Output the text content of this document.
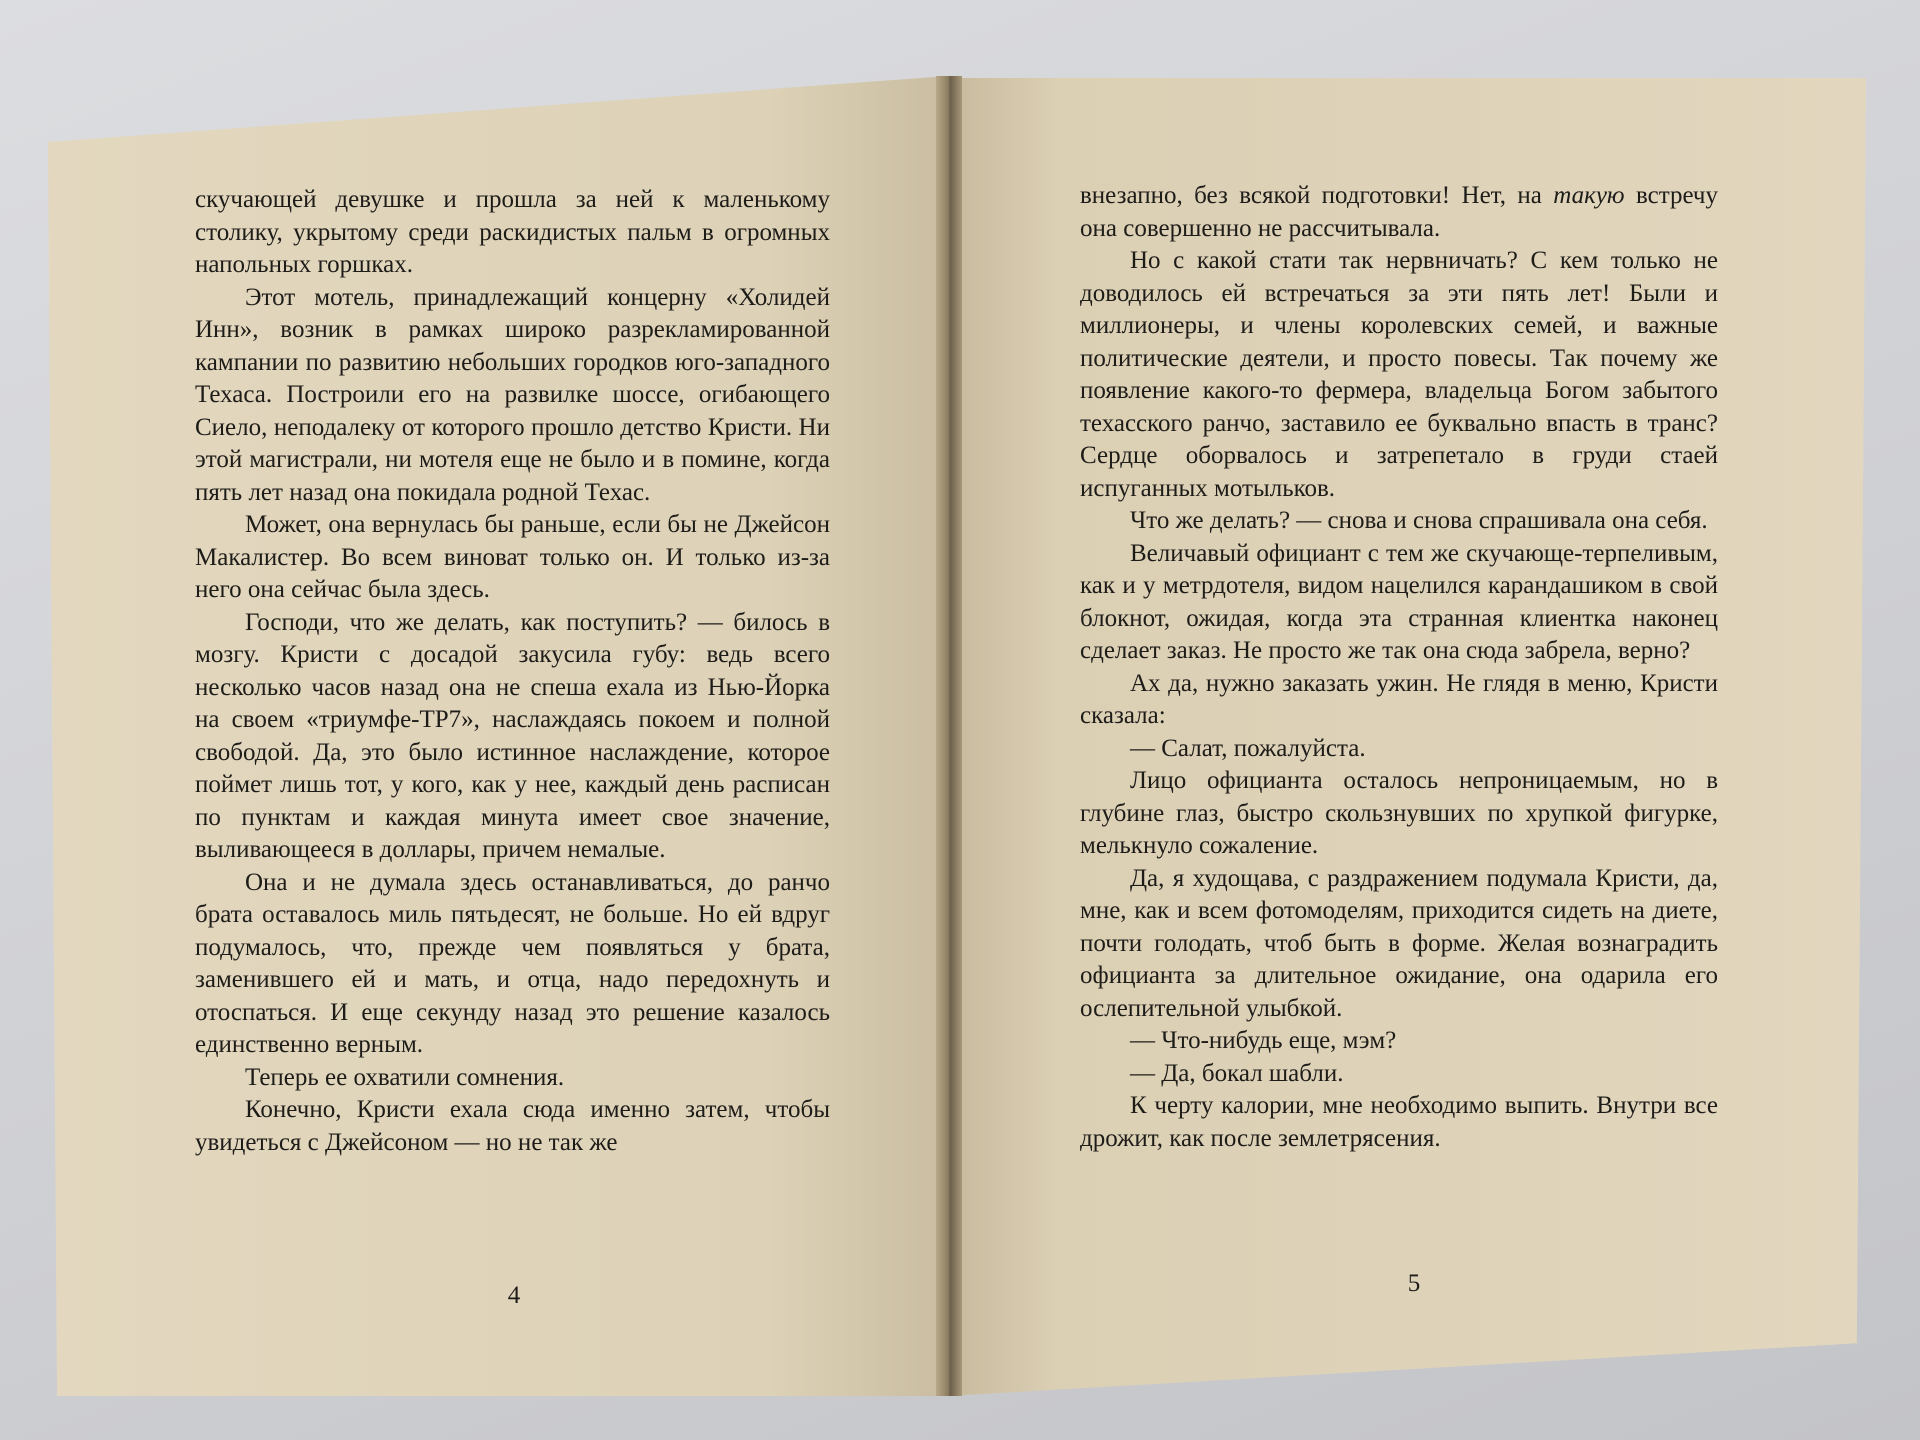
скучающей девушке и прошла за ней к маленькому столику, укрытому среди раскидистых пальм в огромных напольных горшках.

Этот мотель, принадлежащий концерну «Холидей Инн», возник в рамках широко разрекламированной кампании по развитию небольших городков юго-западного Техаса. Построили его на развилке шоссе, огибающего Сиело, неподалеку от которого прошло детство Кристи. Ни этой магистрали, ни мотеля еще не было и в помине, когда пять лет назад она покидала родной Техас.

Может, она вернулась бы раньше, если бы не Джейсон Макалистер. Во всем виноват только он. И только из-за него она сейчас была здесь.

Господи, что же делать, как поступить? — билось в мозгу. Кристи с досадой закусила губу: ведь всего несколько часов назад она не спеша ехала из Нью-Йорка на своем «триумфе-ТР7», наслаждаясь покоем и полной свободой. Да, это было истинное наслаждение, которое поймет лишь тот, у кого, как у нее, каждый день расписан по пунктам и каждая минута имеет свое значение, выливающееся в доллары, причем немалые.

Она и не думала здесь останавливаться, до ранчо брата оставалось миль пятьдесят, не больше. Но ей вдруг подумалось, что, прежде чем появляться у брата, заменившего ей и мать, и отца, надо передохнуть и отоспаться. И еще секунду назад это решение казалось единственно верным.

Теперь ее охватили сомнения.

Конечно, Кристи ехала сюда именно затем, чтобы увидеться с Джейсоном — но не так же

4

внезапно, без всякой подготовки! Нет, на такую встречу она совершенно не рассчитывала.

Но с какой стати так нервничать? С кем только не доводилось ей встречаться за эти пять лет! Были и миллионеры, и члены королевских семей, и важные политические деятели, и просто повесы. Так почему же появление какого-то фермера, владельца Богом забытого техасского ранчо, заставило ее буквально впасть в транс? Сердце оборвалось и затрепетало в груди стаей испуганных мотыльков.

Что же делать? — снова и снова спрашивала она себя.

Величавый официант с тем же скучающе-терпеливым, как и у метрдотеля, видом нацелился карандашиком в свой блокнот, ожидая, когда эта странная клиентка наконец сделает заказ. Не просто же так она сюда забрела, верно?

Ах да, нужно заказать ужин. Не глядя в меню, Кристи сказала:

— Салат, пожалуйста.

Лицо официанта осталось непроницаемым, но в глубине глаз, быстро скользнувших по хрупкой фигурке, мелькнуло сожаление.

Да, я худощава, с раздражением подумала Кристи, да, мне, как и всем фотомоделям, приходится сидеть на диете, почти голодать, чтоб быть в форме. Желая вознаградить официанта за длительное ожидание, она одарила его ослепительной улыбкой.

— Что-нибудь еще, мэм?

— Да, бокал шабли.

К черту калории, мне необходимо выпить. Внутри все дрожит, как после землетрясения.

5
